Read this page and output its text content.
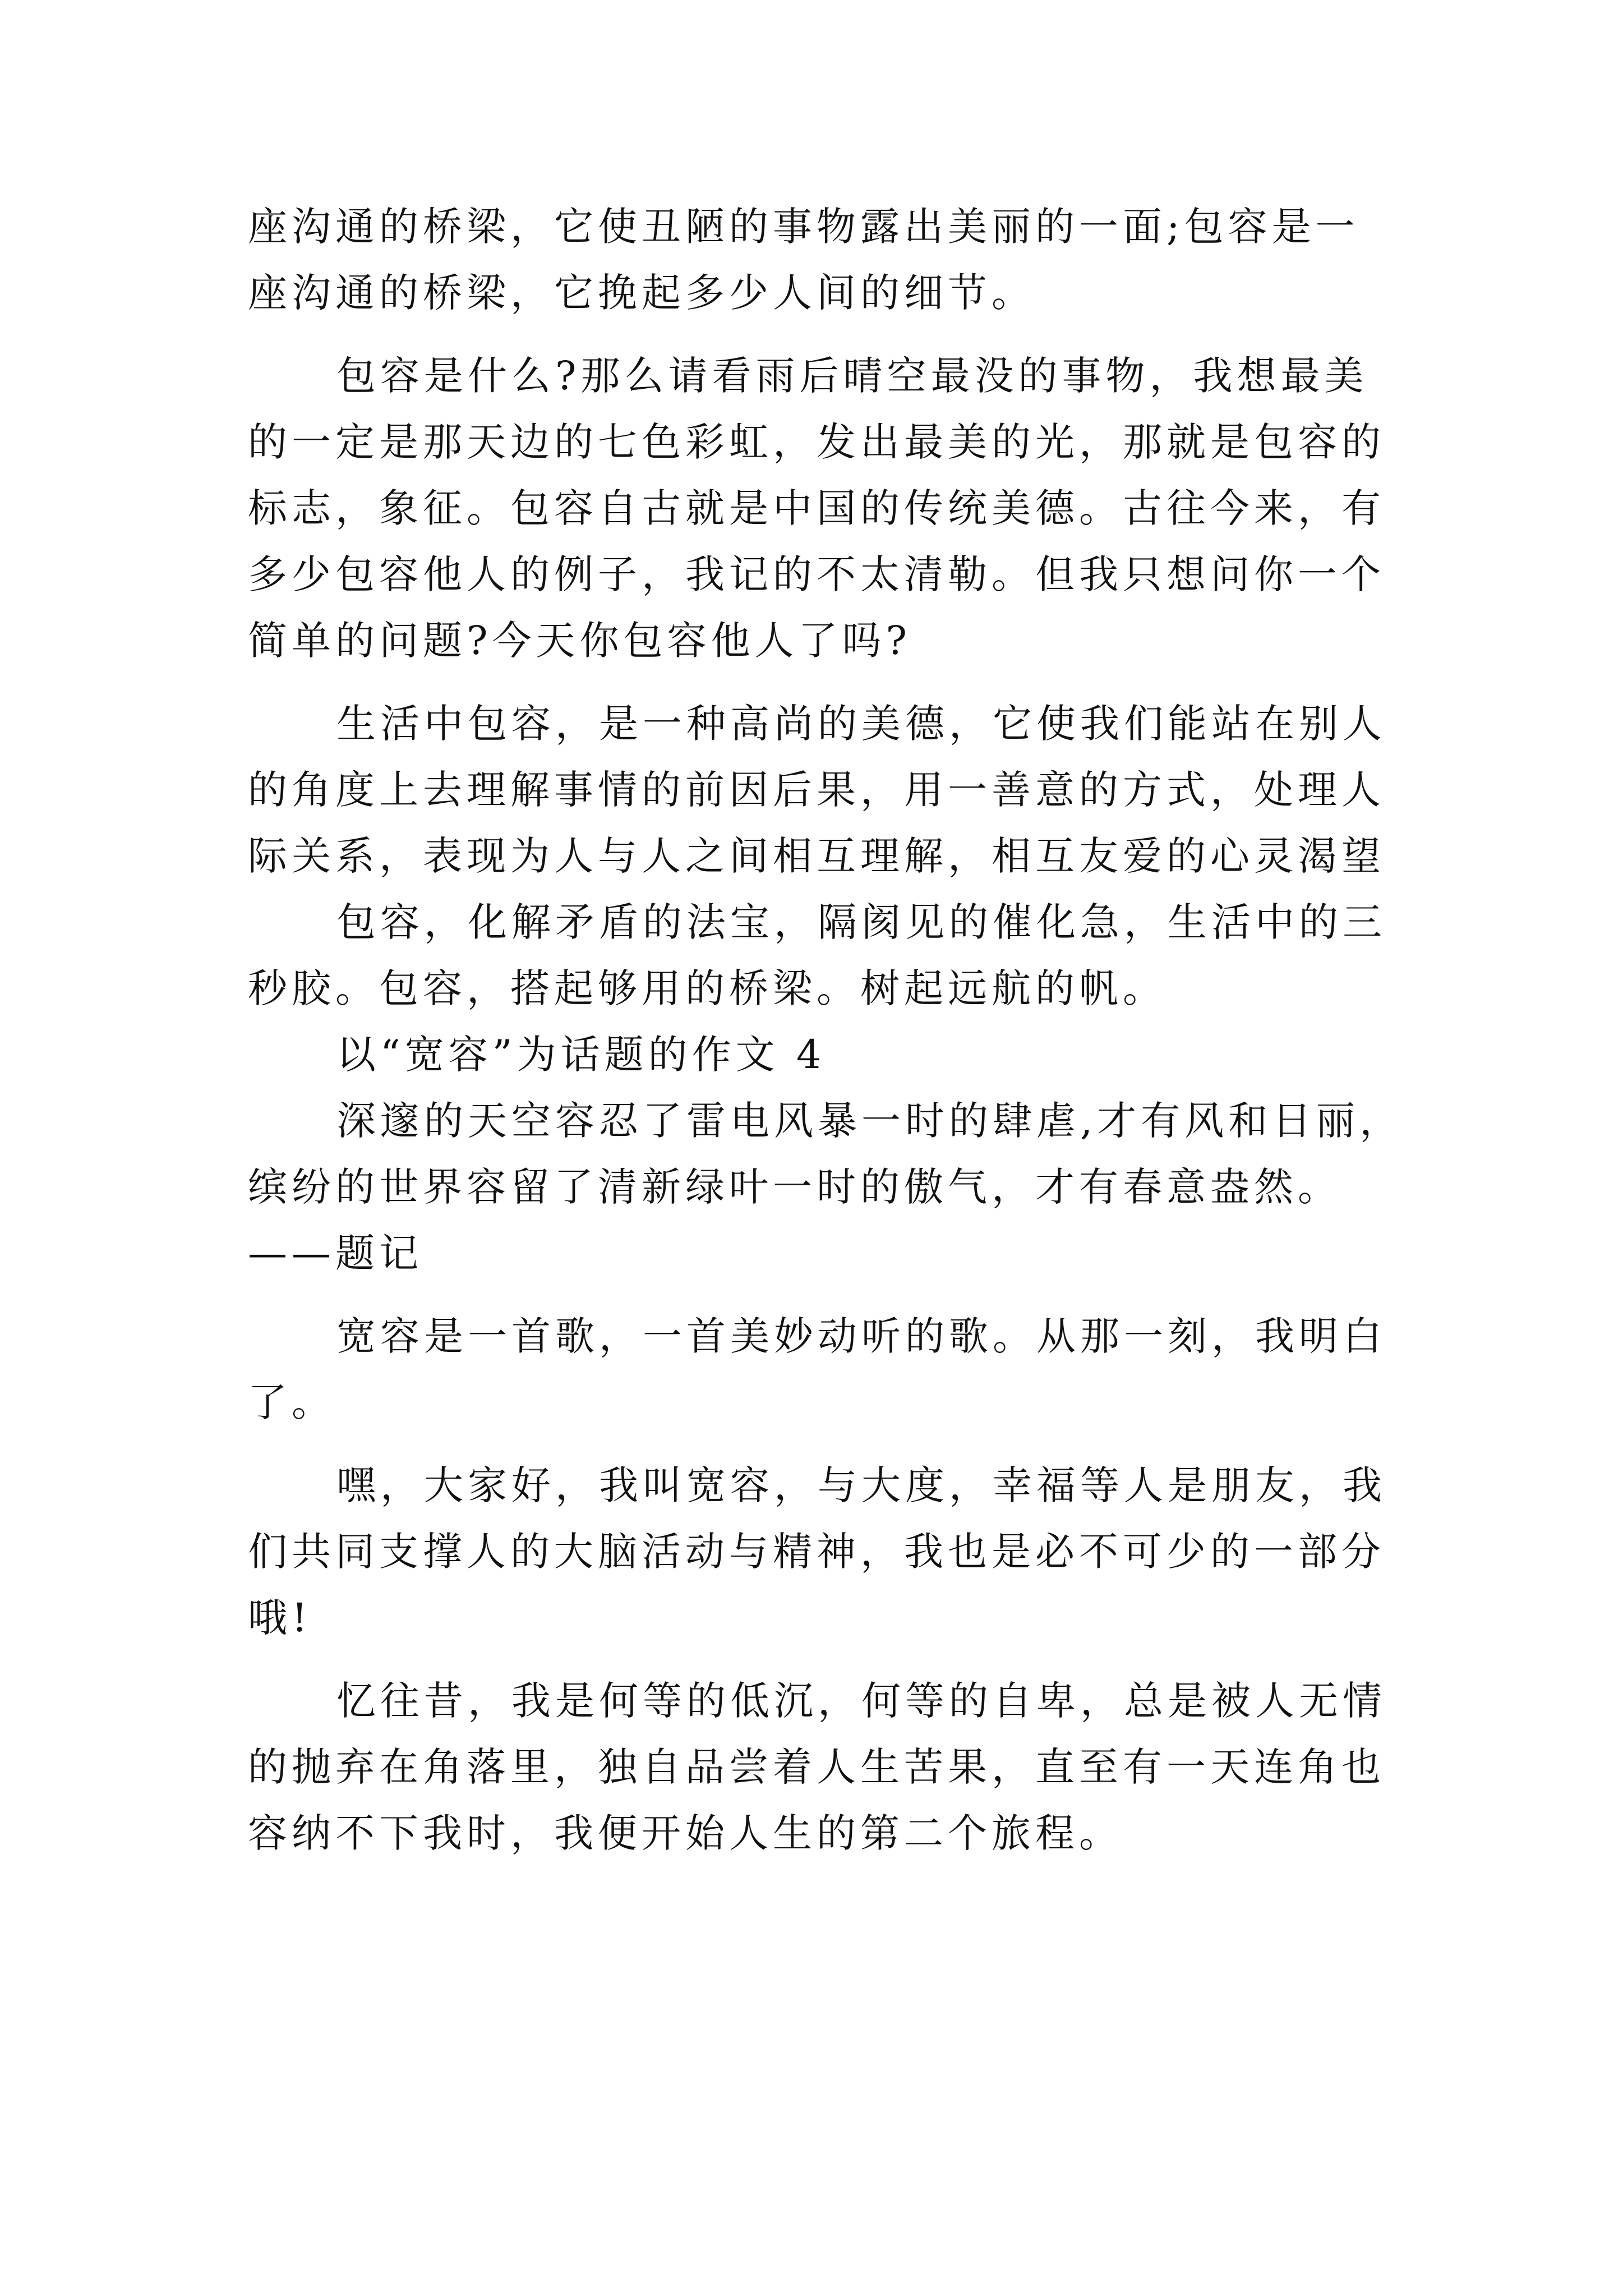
座沟通的桥梁，它使丑陋的事物露出美丽的一面;包容是一
座沟通的桥梁，它挽起多少人间的细节。
包容是什么?那么请看雨后晴空最没的事物，我想最美
的一定是那天边的七色彩虹，发出最美的光，那就是包容的
标志，象征。包容自古就是中国的传统美德。古往今来，有
多少包容他人的例子，我记的不太清勒。但我只想问你一个
简单的问题?今天你包容他人了吗?
生活中包容，是一种高尚的美德，它使我们能站在别人
的角度上去理解事情的前因后果，用一善意的方式，处理人
际关系，表现为人与人之间相互理解，相互友爱的心灵渴望
包容，化解矛盾的法宝，隔阂见的催化急，生活中的三
秒胶。包容，搭起够用的桥梁。树起远航的帆。
以“宽容”为话题的作文 4
深邃的天空容忍了雷电风暴一时的肆虐,才有风和日丽，
缤纷的世界容留了清新绿叶一时的傲气，才有春意盎然。
——题记
宽容是一首歌，一首美妙动听的歌。从那一刻，我明白
了。
嘿，大家好，我叫宽容，与大度，幸福等人是朋友，我
们共同支撑人的大脑活动与精神，我也是必不可少的一部分
哦!
忆往昔，我是何等的低沉，何等的自卑，总是被人无情
的抛弃在角落里，独自品尝着人生苦果，直至有一天连角也
容纳不下我时，我便开始人生的第二个旅程。
